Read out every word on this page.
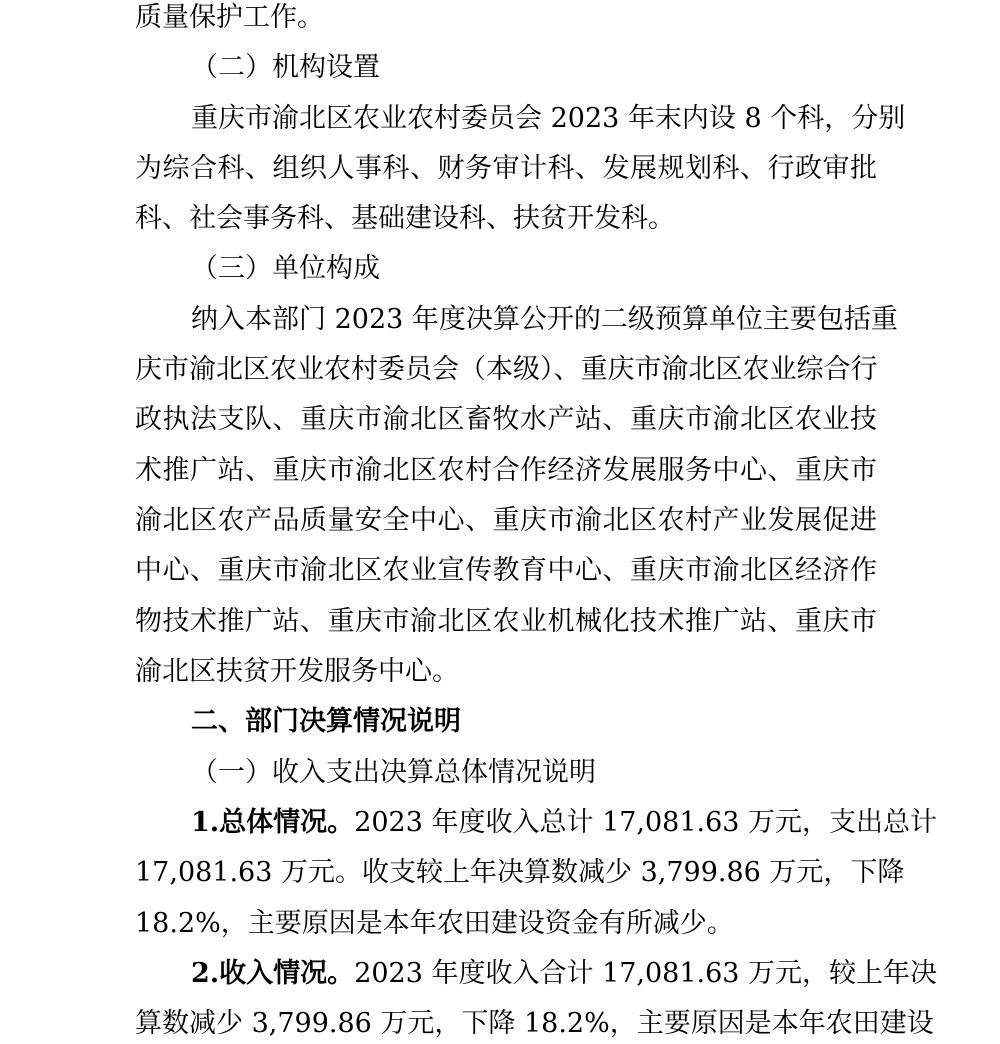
质量保护工作。
（二）机构设置
重庆市渝北区农业农村委员会 2023 年末内设 8 个科，分别
为综合科、组织人事科、财务审计科、发展规划科、行政审批
科、社会事务科、基础建设科、扶贫开发科。
（三）单位构成
纳入本部门 2023 年度决算公开的二级预算单位主要包括重
庆市渝北区农业农村委员会（本级）、重庆市渝北区农业综合行
政执法支队、重庆市渝北区畜牧水产站、重庆市渝北区农业技
术推广站、重庆市渝北区农村合作经济发展服务中心、重庆市
渝北区农产品质量安全中心、重庆市渝北区农村产业发展促进
中心、重庆市渝北区农业宣传教育中心、重庆市渝北区经济作
物技术推广站、重庆市渝北区农业机械化技术推广站、重庆市
渝北区扶贫开发服务中心。
二、部门决算情况说明
（一）收入支出决算总体情况说明
1.总体情况。2023 年度收入总计 17,081.63 万元，支出总计
17,081.63 万元。收支较上年决算数减少 3,799.86 万元，下降
18.2%，主要原因是本年农田建设资金有所减少。
2.收入情况。2023 年度收入合计 17,081.63 万元，较上年决
算数减少 3,799.86 万元，下降 18.2%，主要原因是本年农田建设
